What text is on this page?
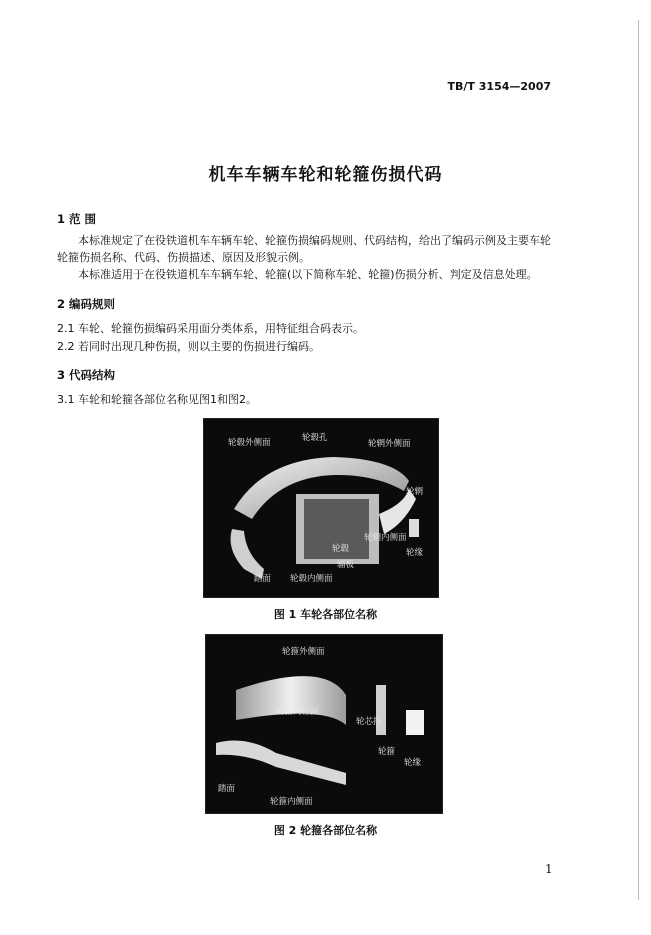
TB/T 3154—2007
机车车辆车轮和轮箍伤损代码
1 范 围
本标准规定了在役铁道机车车辆车轮、轮箍伤损编码规则、代码结构，给出了编码示例及主要车轮
轮箍伤损名称、代码、伤损描述、原因及形貌示例。
本标准适用于在役铁道机车车辆车轮、轮箍(以下简称车轮、轮箍)伤损分析、判定及信息处理。
2 编码规则
2.1 车轮、轮箍伤损编码采用面分类体系，用特征组合码表示。
2.2 若同时出现几种伤损，则以主要的伤损进行编码。
3 代码结构
3.1 车轮和轮箍各部位名称见图1和图2。
轮毂外侧面	轮毂孔
轮辋外侧面
轮辋
轮辋内侧面
轮缘
轮毂
辐板
踏面 轮毂内侧面
图 1 车轮各部位名称
轮箍外侧面
轮箍内径面
轮芯挡
轮箍
轮缘
踏面
轮箍内侧面
图 2 轮箍各部位名称
1
